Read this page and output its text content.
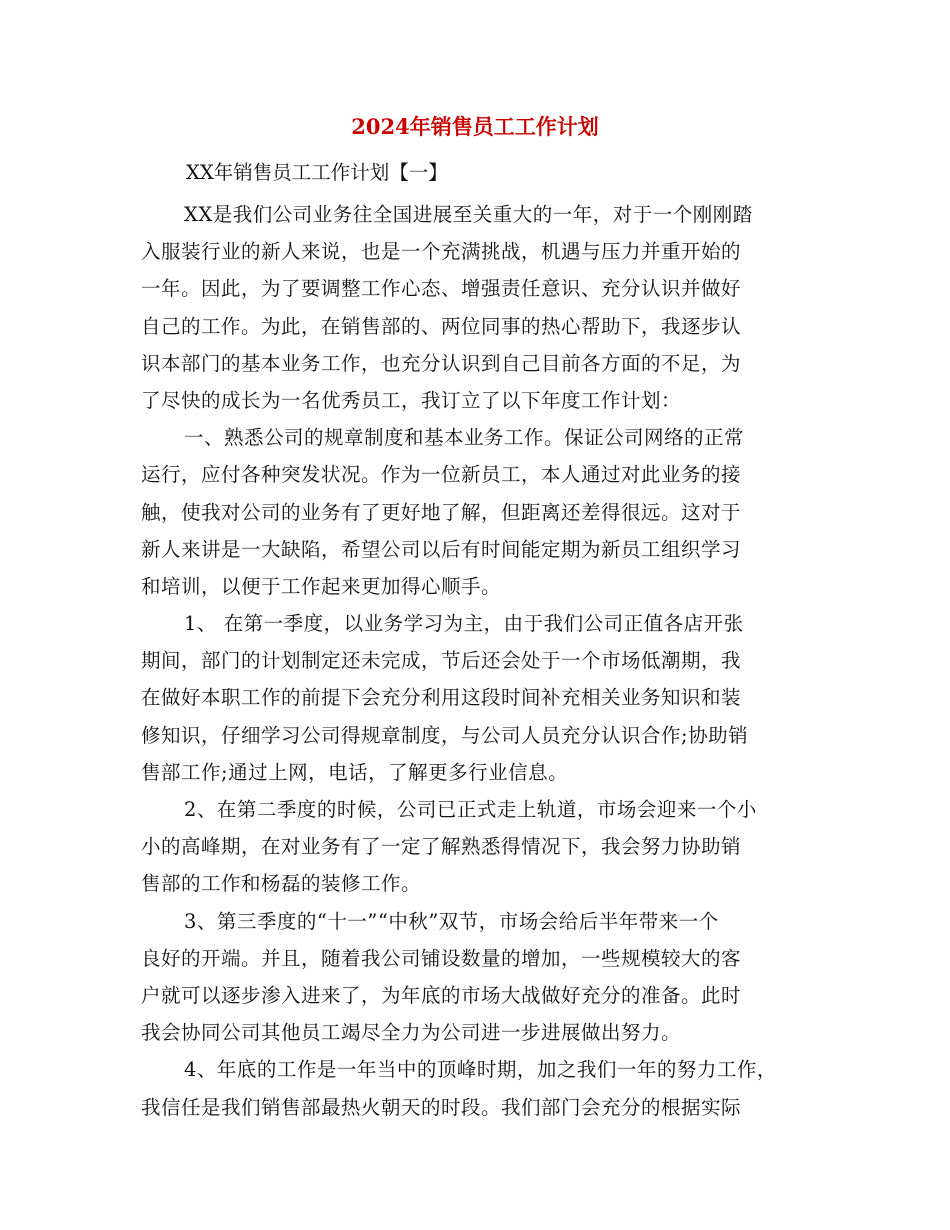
2024年销售员工工作计划

XX年销售员工工作计划【一】

XX是我们公司业务往全国进展至关重大的一年，对于一个刚刚踏
入服装行业的新人来说，也是一个充满挑战，机遇与压力并重开始的
一年。因此，为了要调整工作心态、增强责任意识、充分认识并做好
自己的工作。为此，在销售部的、两位同事的热心帮助下，我逐步认
识本部门的基本业务工作，也充分认识到自己目前各方面的不足，为
了尽快的成长为一名优秀员工，我订立了以下年度工作计划：
一、熟悉公司的规章制度和基本业务工作。保证公司网络的正常
运行，应付各种突发状况。作为一位新员工，本人通过对此业务的接
触，使我对公司的业务有了更好地了解，但距离还差得很远。这对于
新人来讲是一大缺陷，希望公司以后有时间能定期为新员工组织学习
和培训，以便于工作起来更加得心顺手。
1、 在第一季度，以业务学习为主，由于我们公司正值各店开张
期间，部门的计划制定还未完成，节后还会处于一个市场低潮期，我
在做好本职工作的前提下会充分利用这段时间补充相关业务知识和装
修知识，仔细学习公司得规章制度，与公司人员充分认识合作;协助销
售部工作;通过上网，电话，了解更多行业信息。
2、在第二季度的时候，公司已正式走上轨道，市场会迎来一个小
小的高峰期，在对业务有了一定了解熟悉得情况下，我会努力协助销
售部的工作和杨磊的装修工作。
3、第三季度的“十一”“中秋”双节，市场会给后半年带来一个
良好的开端。并且，随着我公司铺设数量的增加，一些规模较大的客
户就可以逐步渗入进来了，为年底的市场大战做好充分的准备。此时
我会协同公司其他员工竭尽全力为公司进一步进展做出努力。
4、年底的工作是一年当中的顶峰时期，加之我们一年的努力工作，
我信任是我们销售部最热火朝天的时段。我们部门会充分的根据实际
